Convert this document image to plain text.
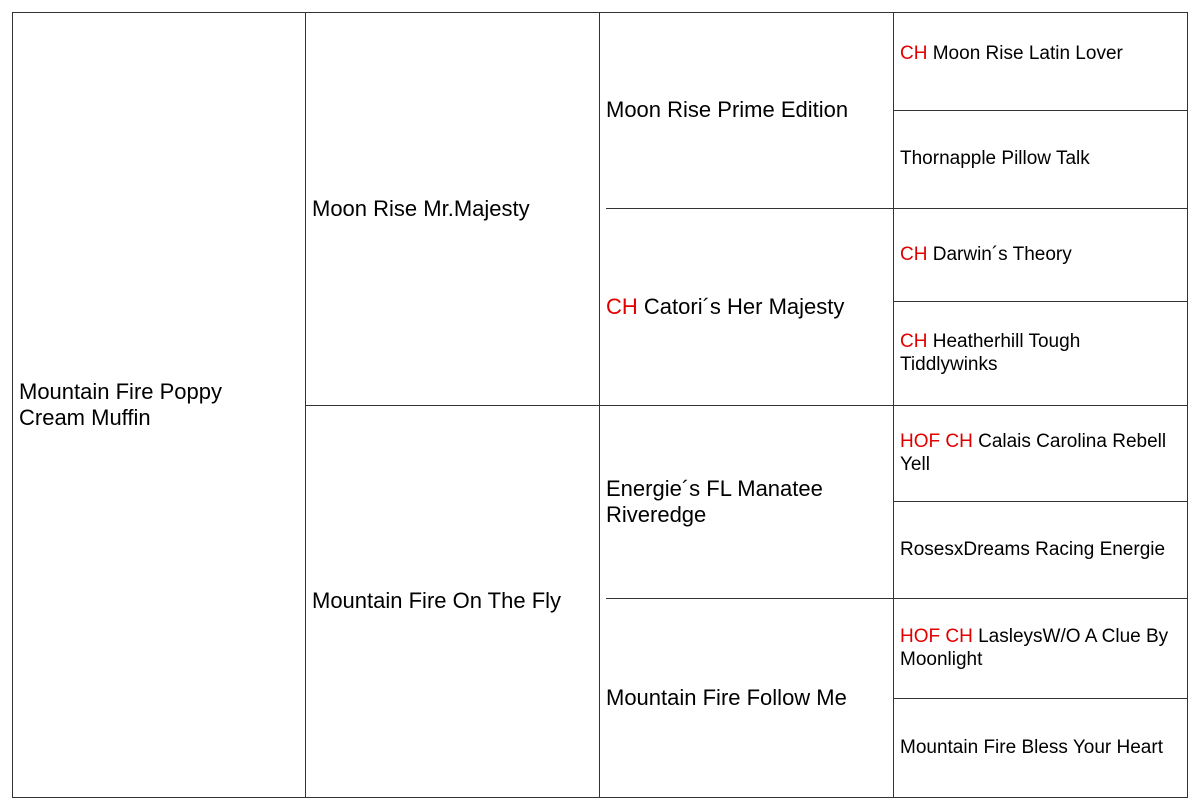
Mountain Fire Poppy Cream Muffin
Moon Rise Mr.Majesty
Mountain Fire On The Fly
Moon Rise Prime Edition
CH Catori´s Her Majesty
Energie´s FL Manatee Riveredge
Mountain Fire Follow Me
CH Moon Rise Latin Lover
Thornapple Pillow Talk
CH Darwin´s Theory
CH Heatherhill Tough Tiddlywinks
HOF CH Calais Carolina Rebell Yell
RosesxDreams Racing Energie
HOF CH LasleysW/O A Clue By Moonlight
Mountain Fire Bless Your Heart
